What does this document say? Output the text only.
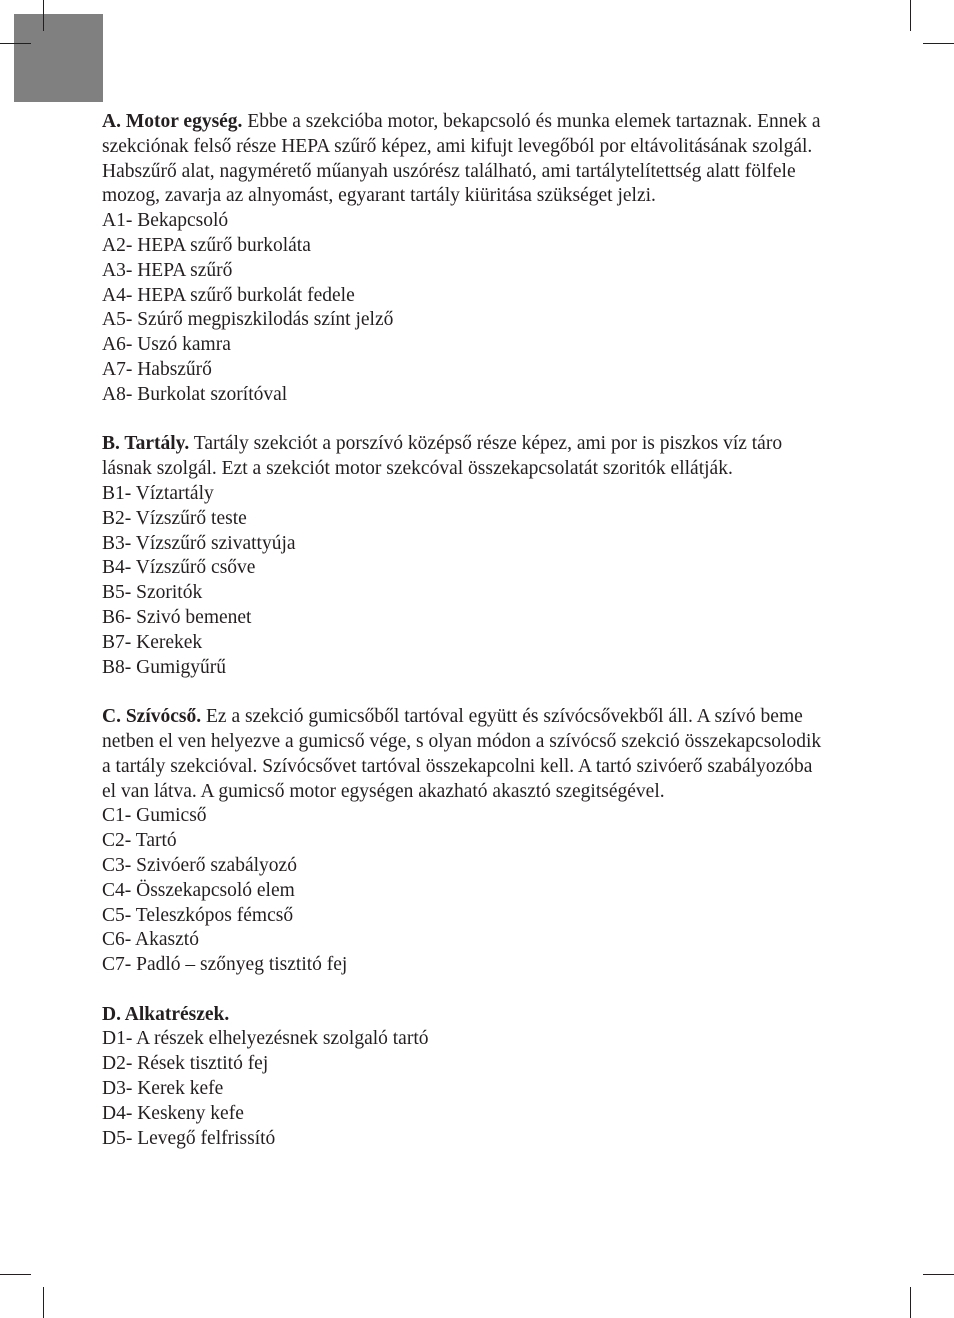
A. Motor egység. Ebbe a szekcióba motor, bekapcsoló és munka elemek tartaznak. Ennek a

szekciónak felső része HEPA szűrő képez, ami kifujt levegőból por eltávolitásának szolgál.

Habszűrő alat, nagymérető műanyah uszórész található, ami tartálytelítettség alatt fölfele

mozog, zavarja az alnyomást, egyarant tartály kiüritása szükséget jelzi.

A1- Bekapcsoló

A2- HEPA szűrő burkoláta

A3- HEPA szűrő

A4- HEPA szűrő burkolát fedele

A5- Szúrő megpiszkilodás színt jelző

A6- Uszó kamra

A7- Habszűrő

A8- Burkolat szorítóval

B. Tartály. Tartály szekciót a porszívó középső része képez, ami por is piszkos víz táro

lásnak szolgál. Ezt a szekciót motor szekcóval összekapcsolatát szoritók ellátják.

B1- Víztartály

B2- Vízszűrő teste

B3- Vízszűrő szivattyúja

B4- Vízszűrő csőve

B5- Szoritók

B6- Szivó bemenet

B7- Kerekek

B8- Gumigyűrű

C. Szívócső. Ez a szekció gumicsőből tartóval együtt és szívócsővekből áll. A szívó beme

netben el ven helyezve a gumicső vége, s olyan módon a szívócső szekció összekapcsolodik

a tartály szekcióval. Szívócsővet tartóval összekapcolni kell. A tartó szivóerő szabályozóba

el van látva. A gumicső motor egységen akazható akasztó szegitségével.

C1- Gumicső

C2- Tartó

C3- Szivóerő szabályozó

C4- Összekapcsoló elem

C5- Teleszkópos fémcső

C6- Akasztó

C7- Padló – szőnyeg tisztitó fej

D. Alkatrészek.

D1- A részek elhelyezésnek szolgaló tartó

D2- Rések tisztitó fej

D3- Kerek kefe

D4- Keskeny kefe

D5- Levegő felfrissító
